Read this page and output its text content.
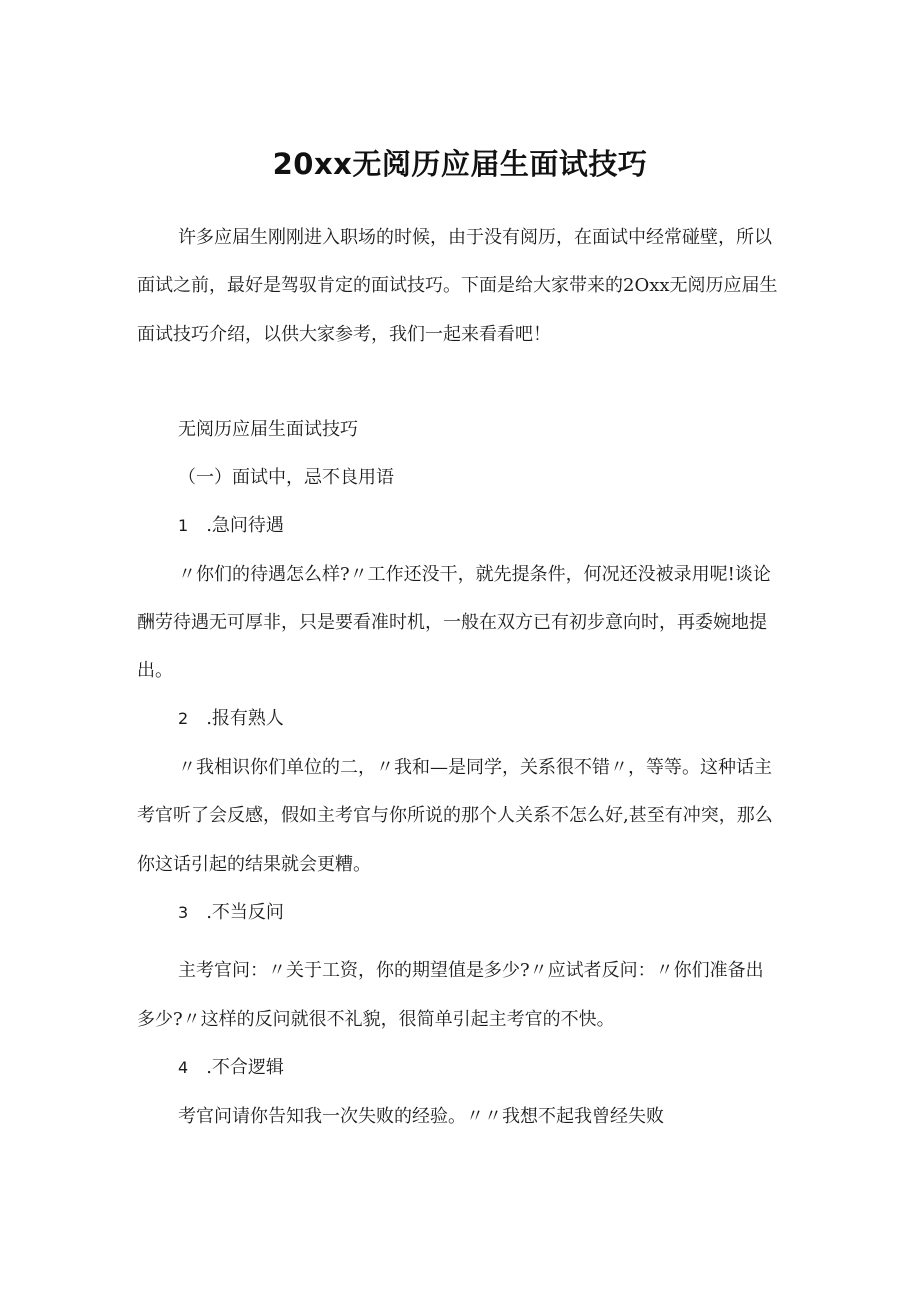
20xx无阅历应届生面试技巧

许多应届生刚刚进入职场的时候，由于没有阅历，在面试中经常碰壁，所以

面试之前，最好是驾驭肯定的面试技巧。下面是给大家带来的2Oxx无阅历应届生

面试技巧介绍，以供大家参考，我们一起来看看吧！

无阅历应届生面试技巧

（一）面试中，忌不良用语

1 .急问待遇

〃你们的待遇怎么样?〃工作还没干，就先提条件，何况还没被录用呢!谈论

酬劳待遇无可厚非，只是要看准时机，一般在双方已有初步意向时，再委婉地提

出。

2 .报有熟人

〃我相识你们单位的二，〃我和—是同学，关系很不错〃，等等。这种话主

考官听了会反感，假如主考官与你所说的那个人关系不怎么好,甚至有冲突，那么

你这话引起的结果就会更糟。

3 .不当反问

主考官问：〃关于工资，你的期望值是多少?〃应试者反问：〃你们准备出

多少?〃这样的反问就很不礼貌，很简单引起主考官的不快。

4 .不合逻辑

考官问请你告知我一次失败的经验。〃〃我想不起我曾经失败
